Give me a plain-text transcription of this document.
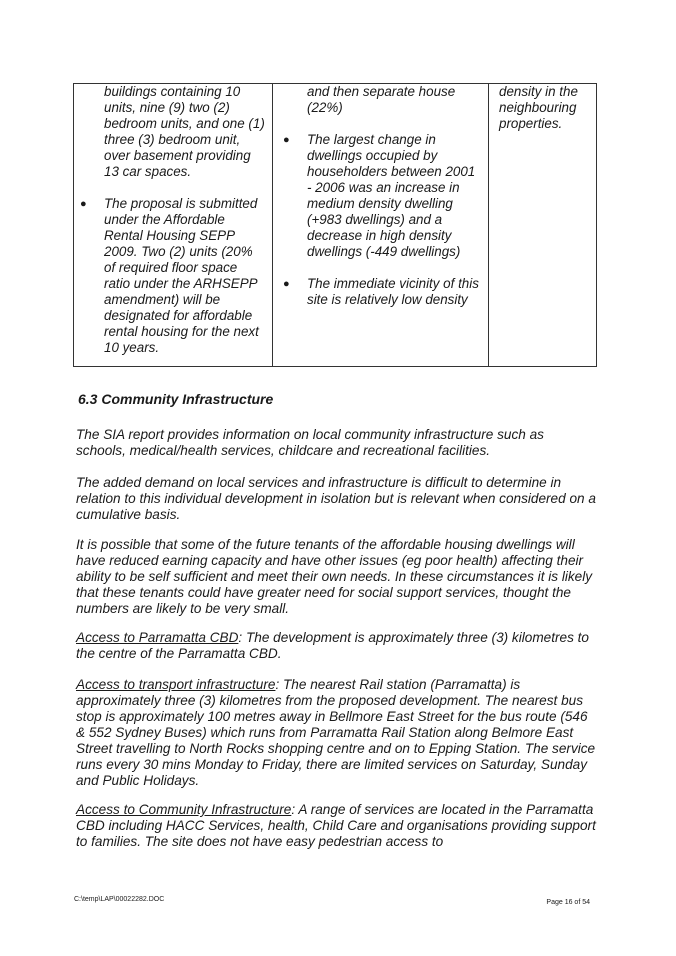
buildings containing 10 units, nine (9) two (2) bedroom units, and one (1) three (3) bedroom unit, over basement providing 13 car spaces.

●	The proposal is submitted under the Affordable Rental Housing SEPP 2009. Two (2) units (20% of required floor space ratio under the ARHSEPP amendment) will be designated for affordable rental housing for the next 10 years.

and then separate house (22%)

●	The largest change in dwellings occupied by householders between 2001 - 2006 was an increase in medium density dwelling (+983 dwellings) and a decrease in high density dwellings (-449 dwellings)
●	The immediate vicinity of this site is relatively low density

density in the neighbouring properties.

6.3 Community Infrastructure

The SIA report provides information on local community infrastructure such as schools, medical/health services, childcare and recreational facilities.

The added demand on local services and infrastructure is difficult to determine in relation to this individual development in isolation but is relevant when considered on a cumulative basis.

It is possible that some of the future tenants of the affordable housing dwellings will have reduced earning capacity and have other issues (eg poor health) affecting their ability to be self sufficient and meet their own needs. In these circumstances it is likely that these tenants could have greater need for social support services, thought the numbers are likely to be very small.

Access to Parramatta CBD: The development is approximately three (3) kilometres to the centre of the Parramatta CBD.

Access to transport infrastructure: The nearest Rail station (Parramatta) is approximately three (3) kilometres from the proposed development. The nearest bus stop is approximately 100 metres away in Bellmore East Street for the bus route (546 & 552 Sydney Buses) which runs from Parramatta Rail Station along Belmore East Street travelling to North Rocks shopping centre and on to Epping Station. The service runs every 30 mins Monday to Friday, there are limited services on Saturday, Sunday and Public Holidays.

Access to Community Infrastructure: A range of services are located in the Parramatta CBD including HACC Services, health, Child Care and organisations providing support to families. The site does not have easy pedestrian access to

C:\temp\LAP\00022282.DOC	Page 16 of 54
